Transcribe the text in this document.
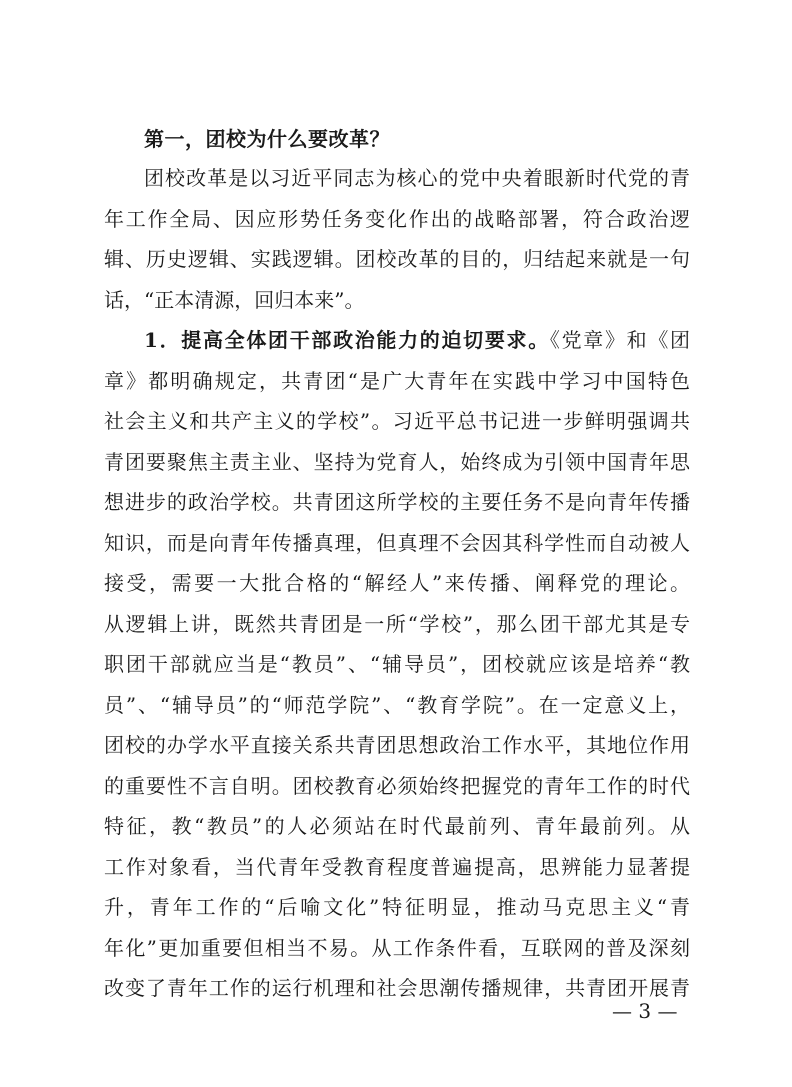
第一，团校为什么要改革？
团校改革是以习近平同志为核心的党中央着眼新时代党的青
年工作全局、因应形势任务变化作出的战略部署，符合政治逻
辑、历史逻辑、实践逻辑。团校改革的目的，归结起来就是一句
话，“正本清源，回归本来”。
1．提高全体团干部政治能力的迫切要求。《党章》和《团
章》都明确规定，共青团“是广大青年在实践中学习中国特色
社会主义和共产主义的学校”。习近平总书记进一步鲜明强调共
青团要聚焦主责主业、坚持为党育人，始终成为引领中国青年思
想进步的政治学校。共青团这所学校的主要任务不是向青年传播
知识，而是向青年传播真理，但真理不会因其科学性而自动被人
接受，需要一大批合格的“解经人”来传播、阐释党的理论。
从逻辑上讲，既然共青团是一所“学校”，那么团干部尤其是专
职团干部就应当是“教员”、“辅导员”，团校就应该是培养“教
员”、“辅导员”的“师范学院”、“教育学院”。在一定意义上，
团校的办学水平直接关系共青团思想政治工作水平，其地位作用
的重要性不言自明。团校教育必须始终把握党的青年工作的时代
特征，教“教员”的人必须站在时代最前列、青年最前列。从
工作对象看，当代青年受教育程度普遍提高，思辨能力显著提
升，青年工作的“后喻文化”特征明显，推动马克思主义“青
年化”更加重要但相当不易。从工作条件看，互联网的普及深刻
改变了青年工作的运行机理和社会思潮传播规律，共青团开展青
— 3 —
